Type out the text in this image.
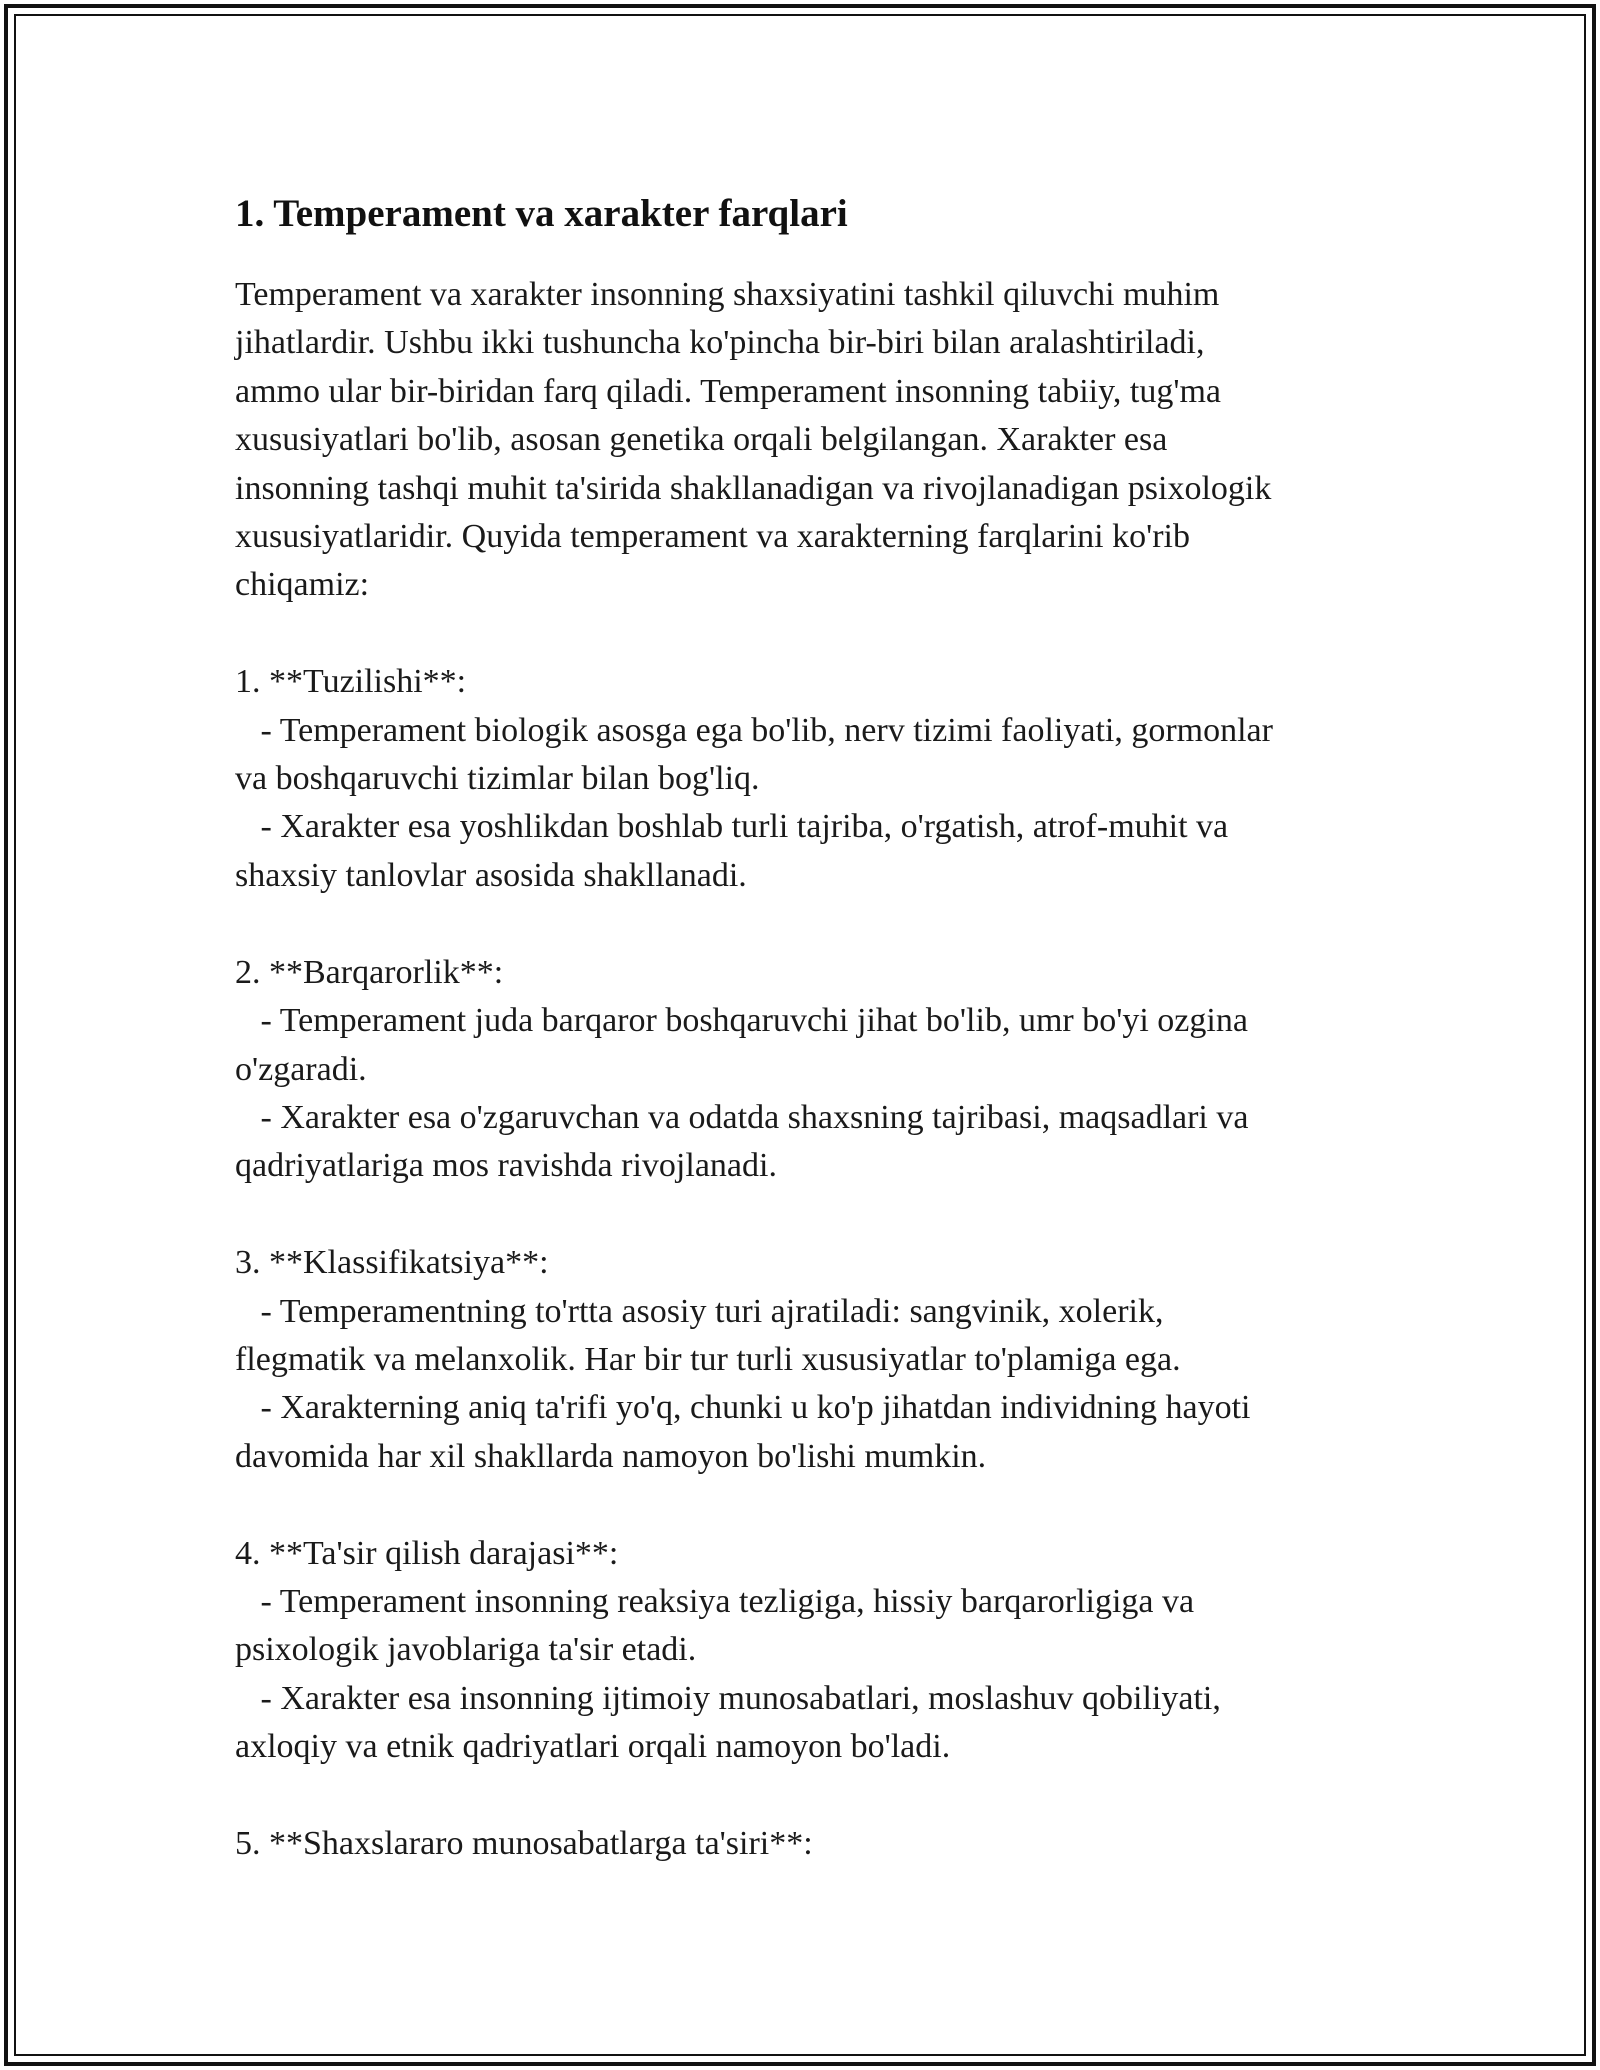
1. Temperament va xarakter farqlari
Temperament va xarakter insonning shaxsiyatini tashkil qiluvchi muhim
jihatlardir. Ushbu ikki tushuncha ko'pincha bir-biri bilan aralashtiriladi,
ammo ular bir-biridan farq qiladi. Temperament insonning tabiiy, tug'ma
xususiyatlari bo'lib, asosan genetika orqali belgilangan. Xarakter esa
insonning tashqi muhit ta'sirida shakllanadigan va rivojlanadigan psixologik
xususiyatlaridir. Quyida temperament va xarakterning farqlarini ko'rib
chiqamiz:

1. **Tuzilishi**:
- Temperament biologik asosga ega bo'lib, nerv tizimi faoliyati, gormonlar
va boshqaruvchi tizimlar bilan bog'liq.
- Xarakter esa yoshlikdan boshlab turli tajriba, o'rgatish, atrof-muhit va
shaxsiy tanlovlar asosida shakllanadi.

2. **Barqarorlik**:
- Temperament juda barqaror boshqaruvchi jihat bo'lib, umr bo'yi ozgina
o'zgaradi.
- Xarakter esa o'zgaruvchan va odatda shaxsning tajribasi, maqsadlari va
qadriyatlariga mos ravishda rivojlanadi.

3. **Klassifikatsiya**:
- Temperamentning to'rtta asosiy turi ajratiladi: sangvinik, xolerik,
flegmatik va melanxolik. Har bir tur turli xususiyatlar to'plamiga ega.
- Xarakterning aniq ta'rifi yo'q, chunki u ko'p jihatdan individning hayoti
davomida har xil shakllarda namoyon bo'lishi mumkin.

4. **Ta'sir qilish darajasi**:
- Temperament insonning reaksiya tezligiga, hissiy barqarorligiga va
psixologik javoblariga ta'sir etadi.
- Xarakter esa insonning ijtimoiy munosabatlari, moslashuv qobiliyati,
axloqiy va etnik qadriyatlari orqali namoyon bo'ladi.

5. **Shaxslararo munosabatlarga ta'siri**:
